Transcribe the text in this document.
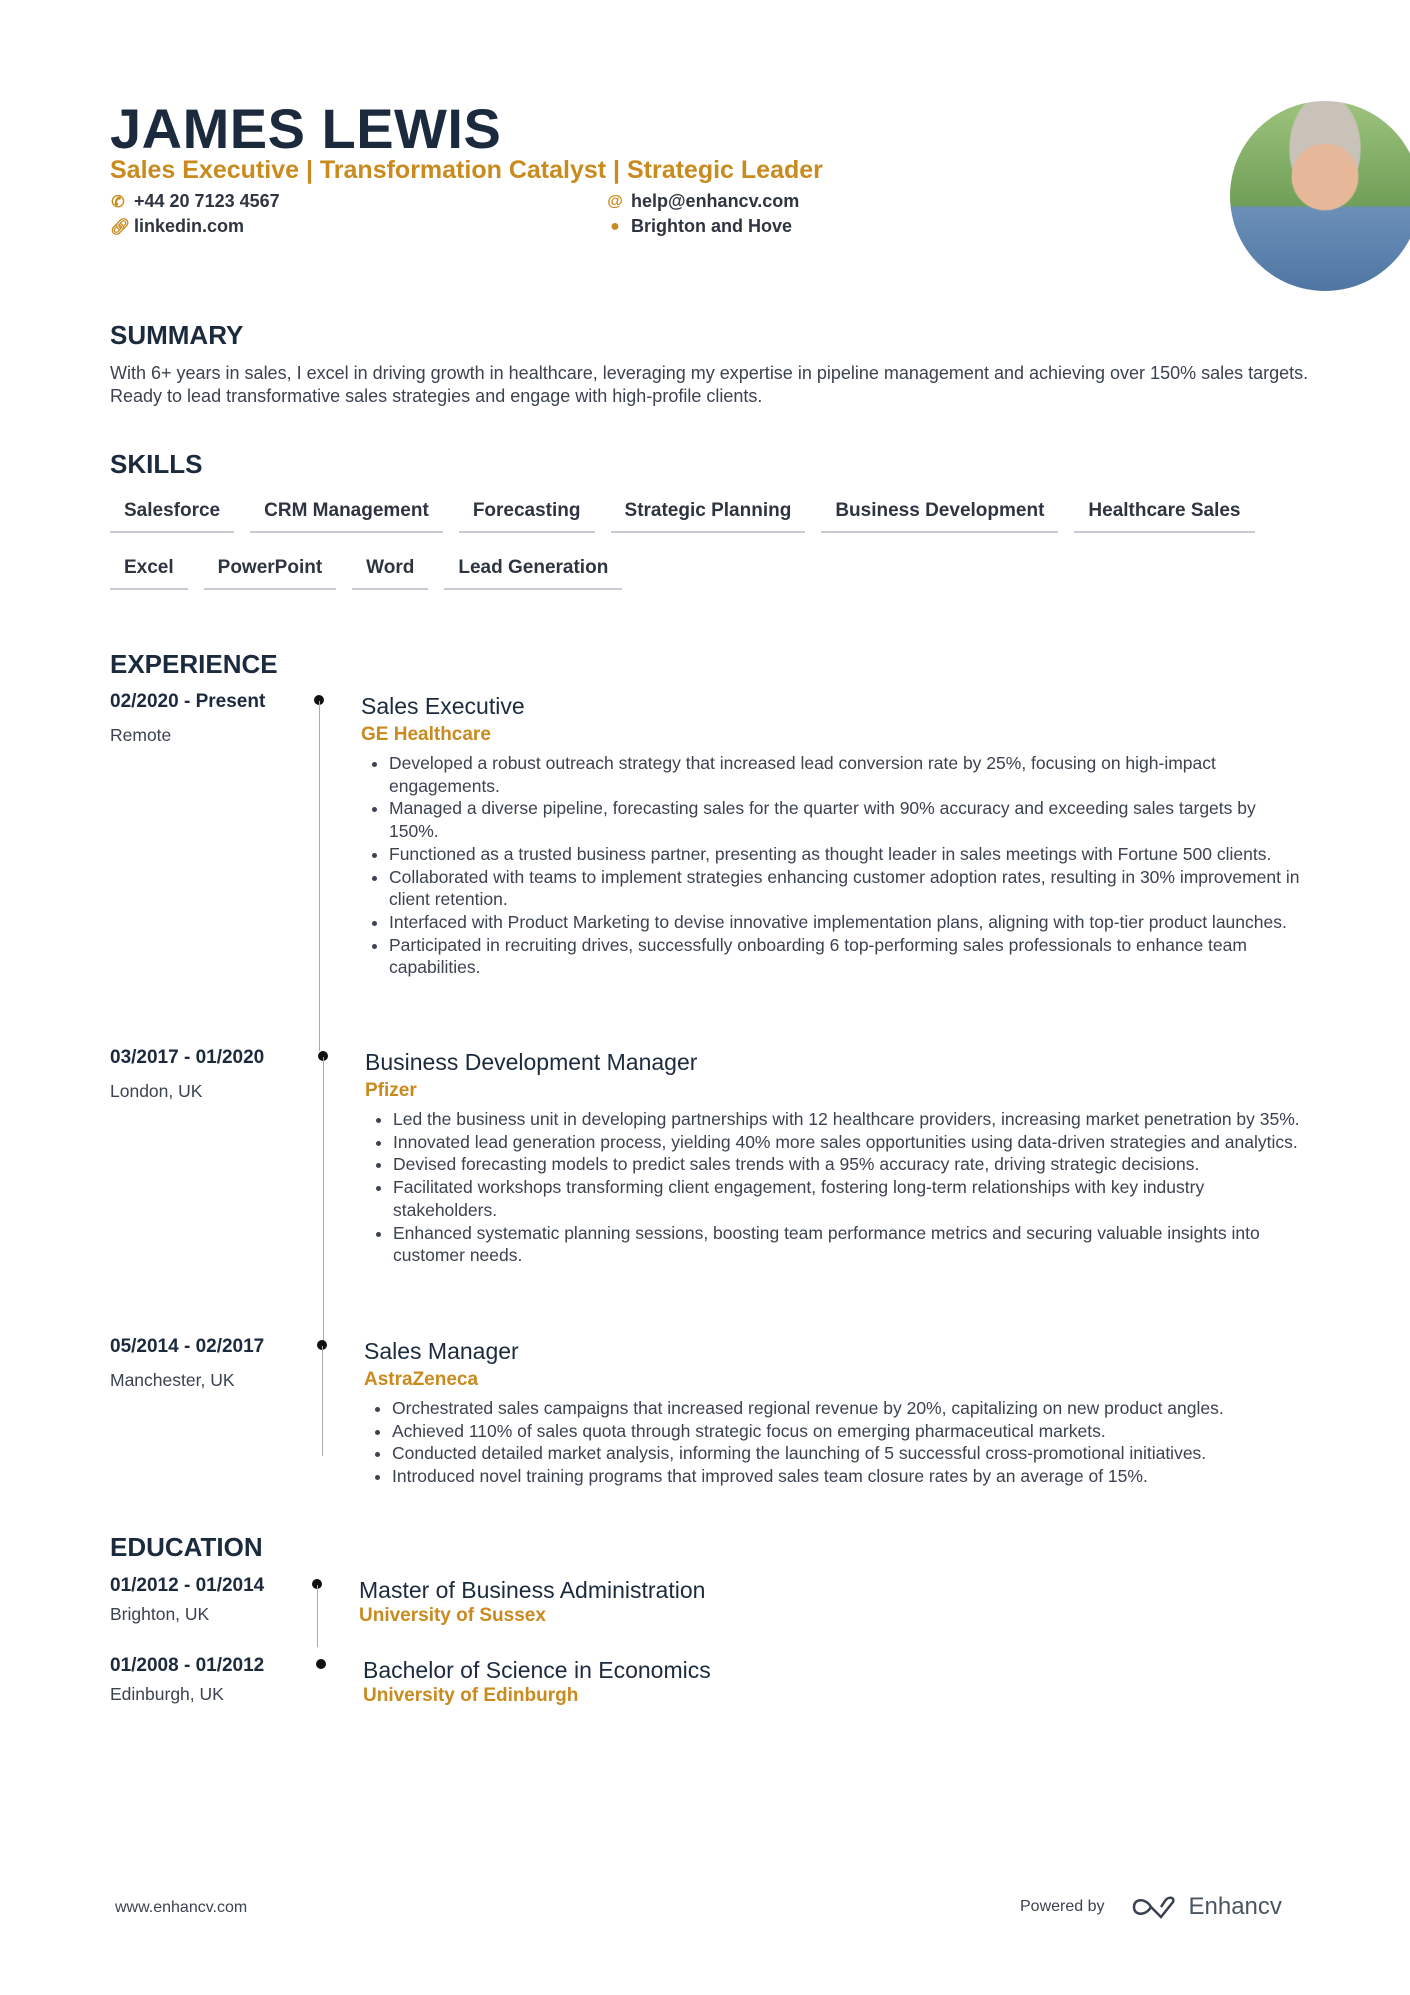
JAMES LEWIS
Sales Executive | Transformation Catalyst | Strategic Leader
✆ +44 20 7123 4567
🔗︎ linkedin.com
@ help@enhancv.com
● Brighton and Hove
SUMMARY
With 6+ years in sales, I excel in driving growth in healthcare, leveraging my expertise in pipeline management and achieving over 150% sales targets. Ready to lead transformative sales strategies and engage with high-profile clients.
SKILLS
Salesforce	CRM Management	Forecasting	Strategic Planning	Business Development	Healthcare Sales
Excel	PowerPoint	Word	Lead Generation
EXPERIENCE
02/2020 - Present
Remote
Sales Executive
GE Healthcare
• Developed a robust outreach strategy that increased lead conversion rate by 25%, focusing on high-impact engagements.
• Managed a diverse pipeline, forecasting sales for the quarter with 90% accuracy and exceeding sales targets by 150%.
• Functioned as a trusted business partner, presenting as thought leader in sales meetings with Fortune 500 clients.
• Collaborated with teams to implement strategies enhancing customer adoption rates, resulting in 30% improvement in client retention.
• Interfaced with Product Marketing to devise innovative implementation plans, aligning with top-tier product launches.
• Participated in recruiting drives, successfully onboarding 6 top-performing sales professionals to enhance team capabilities.
03/2017 - 01/2020
London, UK
Business Development Manager
Pfizer
• Led the business unit in developing partnerships with 12 healthcare providers, increasing market penetration by 35%.
• Innovated lead generation process, yielding 40% more sales opportunities using data-driven strategies and analytics.
• Devised forecasting models to predict sales trends with a 95% accuracy rate, driving strategic decisions.
• Facilitated workshops transforming client engagement, fostering long-term relationships with key industry stakeholders.
• Enhanced systematic planning sessions, boosting team performance metrics and securing valuable insights into customer needs.
05/2014 - 02/2017
Manchester, UK
Sales Manager
AstraZeneca
• Orchestrated sales campaigns that increased regional revenue by 20%, capitalizing on new product angles.
• Achieved 110% of sales quota through strategic focus on emerging pharmaceutical markets.
• Conducted detailed market analysis, informing the launching of 5 successful cross-promotional initiatives.
• Introduced novel training programs that improved sales team closure rates by an average of 15%.
EDUCATION
01/2012 - 01/2014
Brighton, UK
Master of Business Administration
University of Sussex
01/2008 - 01/2012
Edinburgh, UK
Bachelor of Science in Economics
University of Edinburgh
www.enhancv.com	Powered by	Enhancv
